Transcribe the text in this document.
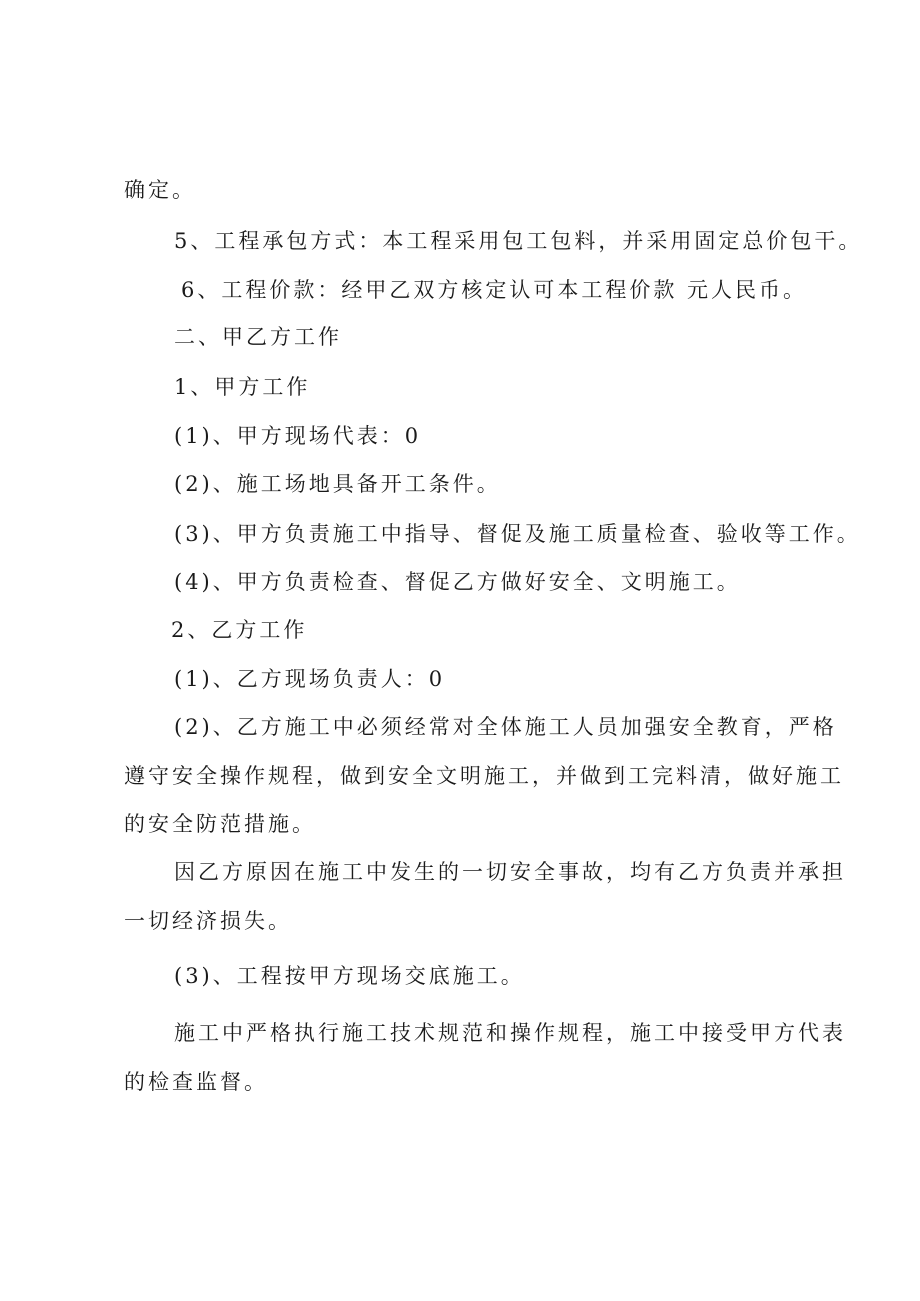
确定。
5、工程承包方式：本工程采用包工包料，并采用固定总价包干。
6、工程价款：经甲乙双方核定认可本工程价款 元人民币。
二、甲乙方工作
1、甲方工作
(1)、甲方现场代表：0
(2)、施工场地具备开工条件。
(3)、甲方负责施工中指导、督促及施工质量检查、验收等工作。
(4)、甲方负责检查、督促乙方做好安全、文明施工。
2、乙方工作
(1)、乙方现场负责人：0
(2)、乙方施工中必须经常对全体施工人员加强安全教育，严格
遵守安全操作规程，做到安全文明施工，并做到工完料清，做好施工
的安全防范措施。
因乙方原因在施工中发生的一切安全事故，均有乙方负责并承担
一切经济损失。
(3)、工程按甲方现场交底施工。
施工中严格执行施工技术规范和操作规程，施工中接受甲方代表
的检查监督。
